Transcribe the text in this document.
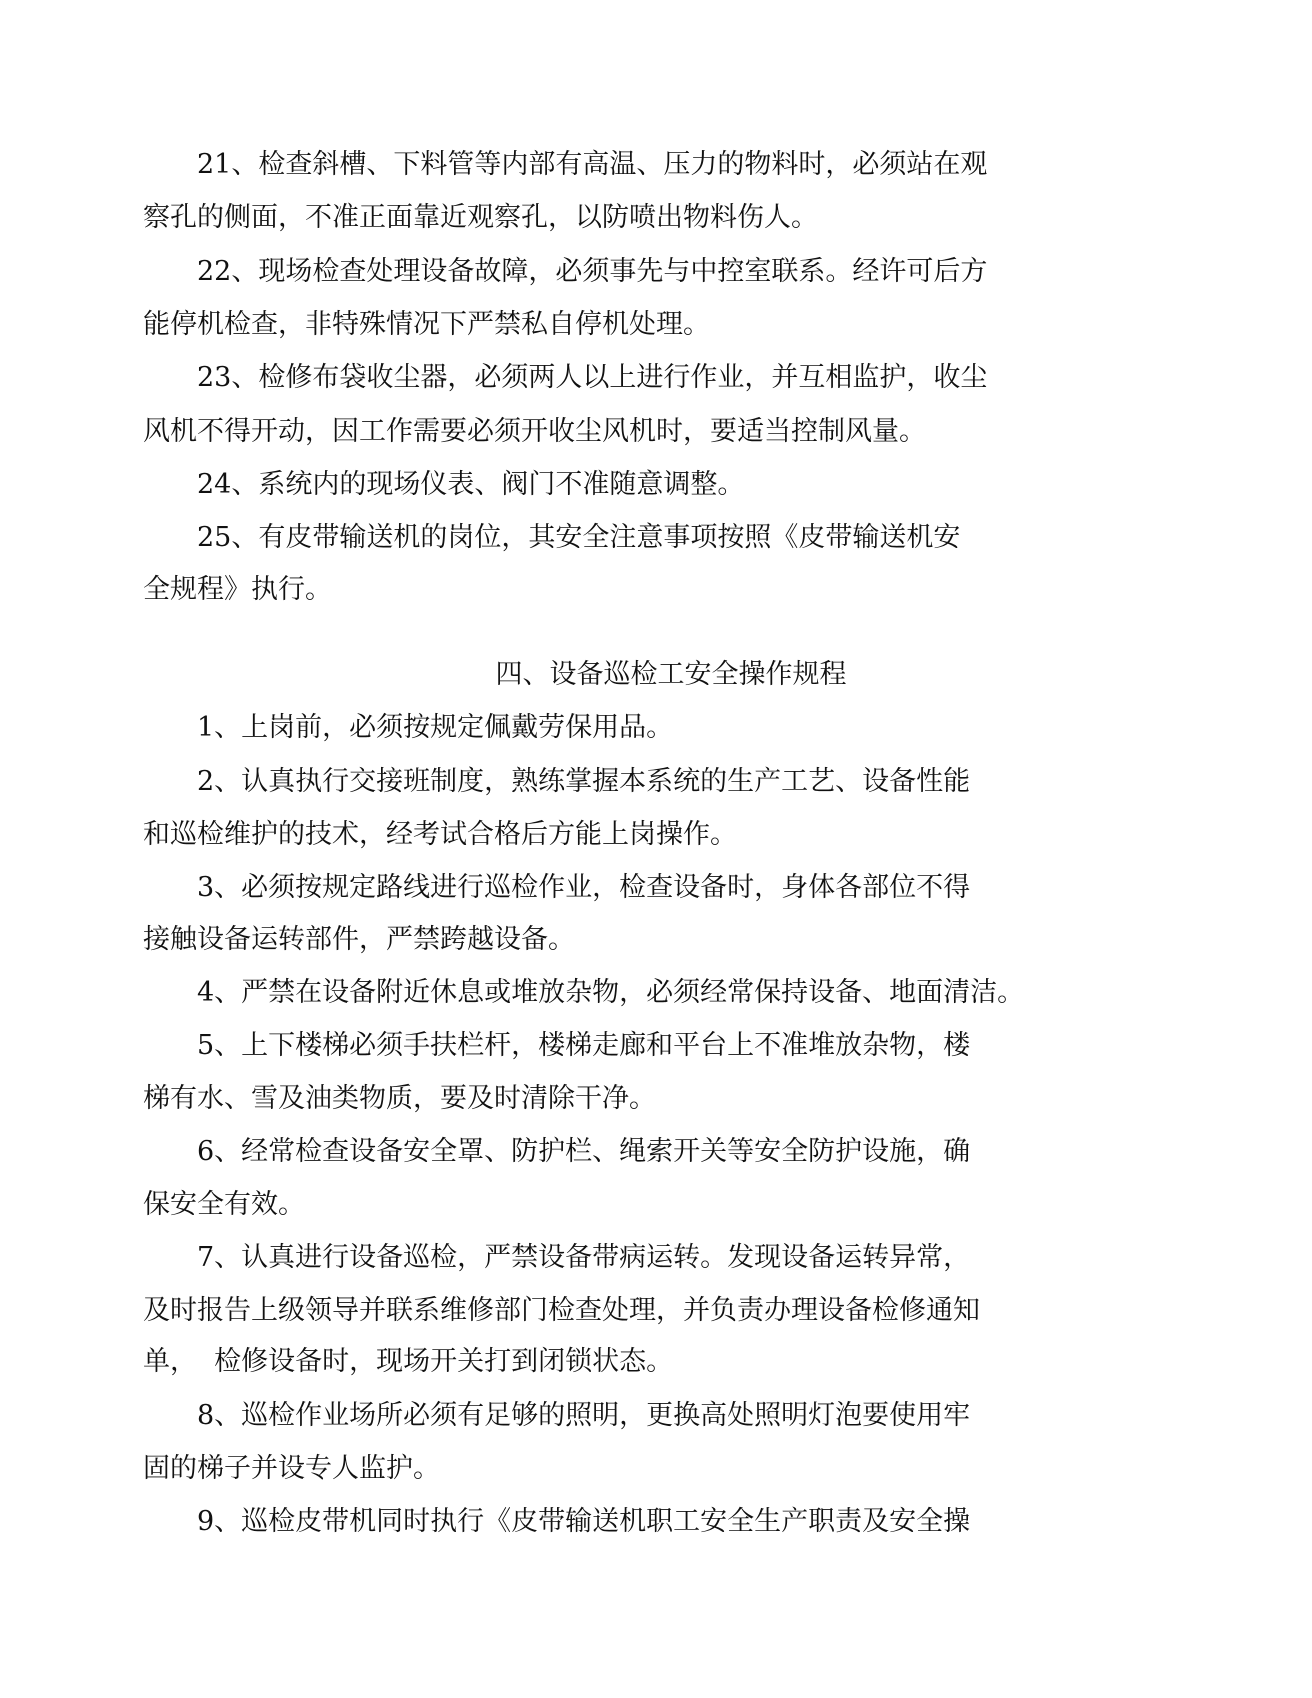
21、检查斜槽、下料管等内部有高温、压力的物料时，必须站在观
察孔的侧面，不准正面靠近观察孔，以防喷出物料伤人。
22、现场检查处理设备故障，必须事先与中控室联系。经许可后方
能停机检查，非特殊情况下严禁私自停机处理。
23、检修布袋收尘器，必须两人以上进行作业，并互相监护，收尘
风机不得开动，因工作需要必须开收尘风机时，要适当控制风量。
24、系统内的现场仪表、阀门不准随意调整。
25、有皮带输送机的岗位，其安全注意事项按照《皮带输送机安
全规程》执行。
四、设备巡检工安全操作规程
1、上岗前，必须按规定佩戴劳保用品。
2、认真执行交接班制度，熟练掌握本系统的生产工艺、设备性能
和巡检维护的技术，经考试合格后方能上岗操作。
3、必须按规定路线进行巡检作业，检查设备时，身体各部位不得
接触设备运转部件，严禁跨越设备。
4、严禁在设备附近休息或堆放杂物，必须经常保持设备、地面清洁。
5、上下楼梯必须手扶栏杆，楼梯走廊和平台上不准堆放杂物，楼
梯有水、雪及油类物质，要及时清除干净。
6、经常检查设备安全罩、防护栏、绳索开关等安全防护设施，确
保安全有效。
7、认真进行设备巡检，严禁设备带病运转。发现设备运转异常，
及时报告上级领导并联系维修部门检查处理，并负责办理设备检修通知
单，  检修设备时，现场开关打到闭锁状态。
8、巡检作业场所必须有足够的照明，更换高处照明灯泡要使用牢
固的梯子并设专人监护。
9、巡检皮带机同时执行《皮带输送机职工安全生产职责及安全操
